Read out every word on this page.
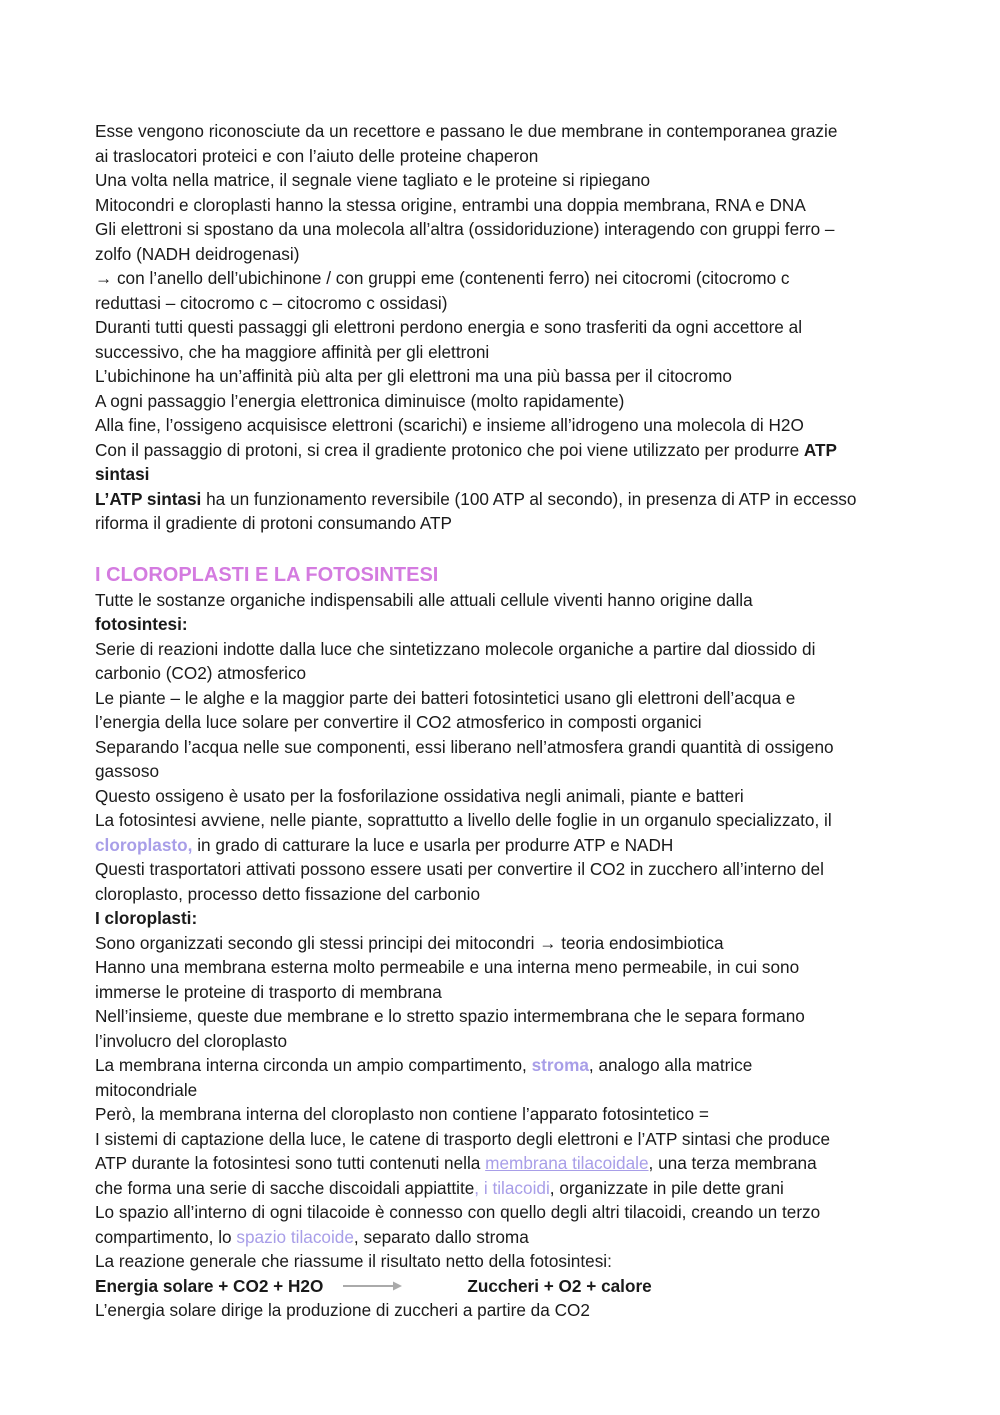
Esse vengono riconosciute da un recettore e passano le due membrane in contemporanea grazie

ai traslocatori proteici e con l’aiuto delle proteine chaperon

Una volta nella matrice, il segnale viene tagliato e le proteine si ripiegano

Mitocondri e cloroplasti hanno la stessa origine, entrambi una doppia membrana, RNA e DNA

Gli elettroni si spostano da una molecola all’altra (ossidoriduzione) interagendo con gruppi ferro –

zolfo (NADH deidrogenasi)

→ con l’anello dell’ubichinone / con gruppi eme (contenenti ferro) nei citocromi (citocromo c

reduttasi – citocromo c – citocromo c ossidasi)

Duranti tutti questi passaggi gli elettroni perdono energia e sono trasferiti da ogni accettore al

successivo, che ha maggiore affinità per gli elettroni

L’ubichinone ha un’affinità più alta per gli elettroni ma una più bassa per il citocromo

A ogni passaggio l’energia elettronica diminuisce (molto rapidamente)

Alla fine, l’ossigeno acquisisce elettroni (scarichi) e insieme all’idrogeno una molecola di H2O

Con il passaggio di protoni, si crea il gradiente protonico che poi viene utilizzato per produrre ATP

sintasi

L’ATP sintasi ha un funzionamento reversibile (100 ATP al secondo), in presenza di ATP in eccesso

riforma il gradiente di protoni consumando ATP

I CLOROPLASTI E LA FOTOSINTESI

Tutte le sostanze organiche indispensabili alle attuali cellule viventi hanno origine dalla

fotosintesi:

Serie di reazioni indotte dalla luce che sintetizzano molecole organiche a partire dal diossido di

carbonio (CO2) atmosferico

Le piante – le alghe e la maggior parte dei batteri fotosintetici usano gli elettroni dell’acqua e

l’energia della luce solare per convertire il CO2 atmosferico in composti organici

Separando l’acqua nelle sue componenti, essi liberano nell’atmosfera grandi quantità di ossigeno

gassoso

Questo ossigeno è usato per la fosforilazione ossidativa negli animali, piante e batteri

La fotosintesi avviene, nelle piante, soprattutto a livello delle foglie in un organulo specializzato, il

cloroplasto, in grado di catturare la luce e usarla per produrre ATP e NADH

Questi trasportatori attivati possono essere usati per convertire il CO2 in zucchero all’interno del

cloroplasto, processo detto fissazione del carbonio

I cloroplasti:

Sono organizzati secondo gli stessi principi dei mitocondri → teoria endosimbiotica

Hanno una membrana esterna molto permeabile e una interna meno permeabile, in cui sono

immerse le proteine di trasporto di membrana

Nell’insieme, queste due membrane e lo stretto spazio intermembrana che le separa formano

l’involucro del cloroplasto

La membrana interna circonda un ampio compartimento, stroma, analogo alla matrice

mitocondriale

Però, la membrana interna del cloroplasto non contiene l’apparato fotosintetico =

I sistemi di captazione della luce, le catene di trasporto degli elettroni e l’ATP sintasi che produce

ATP durante la fotosintesi sono tutti contenuti nella membrana tilacoidale, una terza membrana

che forma una serie di sacche discoidali appiattite, i tilacoidi, organizzate in pile dette grani

Lo spazio all’interno di ogni tilacoide è connesso con quello degli altri tilacoidi, creando un terzo

compartimento, lo spazio tilacoide, separato dallo stroma

La reazione generale che riassume il risultato netto della fotosintesi:

Energia solare + CO2 + H2O	Zuccheri + O2 + calore

L’energia solare dirige la produzione di zuccheri a partire da CO2
